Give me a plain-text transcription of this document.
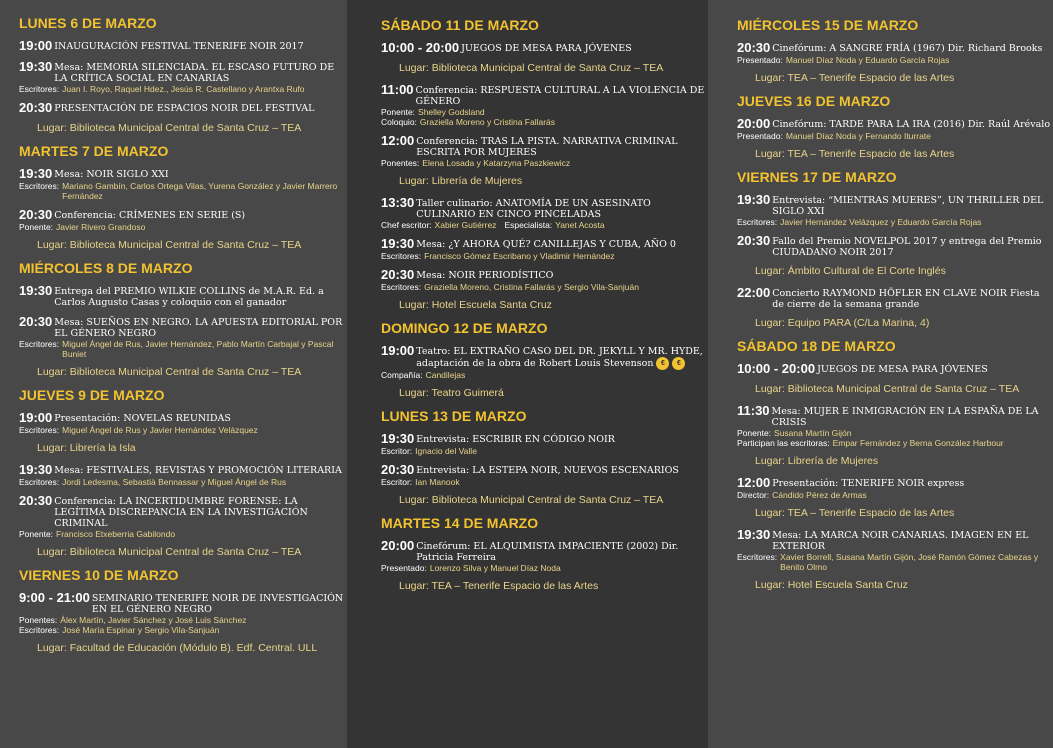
LUNES 6 DE MARZO
19:00 INAUGURACIÓN FESTIVAL TENERIFE NOIR 2017
19:30 Mesa: MEMORIA SILENCIADA. EL ESCASO FUTURO DE LA CRÍTICA SOCIAL EN CANARIAS
Escritores: Juan I. Royo, Raquel Hdez., Jesús R. Castellano y Arantxa Rufo
20:30 PRESENTACIÓN DE ESPACIOS NOIR DEL FESTIVAL
Lugar: Biblioteca Municipal Central de Santa Cruz – TEA
MARTES 7 DE MARZO
19:30 Mesa: NOIR SIGLO XXI
Escritores: Mariano Gambín, Carlos Ortega Vilas, Yurena González y Javier Marrero Fernández
20:30 Conferencia: CRÍMENES EN SERIE (S)
Ponente: Javier Rivero Grandoso
Lugar: Biblioteca Municipal Central de Santa Cruz – TEA
MIÉRCOLES 8 DE MARZO
19:30 Entrega del PREMIO WILKIE COLLINS de M.A.R. Ed. a Carlos Augusto Casas y coloquio con el ganador
20:30 Mesa: SUEÑOS EN NEGRO. LA APUESTA EDITORIAL POR EL GÉNERO NEGRO
Escritores: Miguel Ángel de Rus, Javier Hernández, Pablo Martín Carbajal y Pascal Buniet
Lugar: Biblioteca Municipal Central de Santa Cruz – TEA
JUEVES 9 DE MARZO
19:00 Presentación: NOVELAS REUNIDAS
Escritores: Miguel Ángel de Rus y Javier Hernández Velázquez
Lugar: Librería la Isla
19:30 Mesa: FESTIVALES, REVISTAS Y PROMOCIÓN LITERARIA
Escritores: Jordi Ledesma, Sebastià Bennassar y Miguel Ángel de Rus
20:30 Conferencia: LA INCERTIDUMBRE FORENSE: LA LEGÍTIMA DISCREPANCIA EN LA INVESTIGACIÓN CRIMINAL
Ponente: Francisco Etxeberria Gabilondo
Lugar: Biblioteca Municipal Central de Santa Cruz – TEA
VIERNES 10 DE MARZO
9:00 - 21:00 SEMINARIO TENERIFE NOIR DE INVESTIGACIÓN EN EL GÉNERO NEGRO
Ponentes: Álex Martín, Javier Sánchez y José Luis Sánchez
Escritores: José María Espinar y Sergio Vila-Sanjuán
Lugar: Facultad de Educación (Módulo B). Edf. Central. ULL
SÁBADO 11 DE MARZO
10:00 - 20:00 JUEGOS DE MESA PARA JÓVENES
Lugar: Biblioteca Municipal Central de Santa Cruz – TEA
11:00 Conferencia: RESPUESTA CULTURAL A LA VIOLENCIA DE GÉNERO
Ponente: Shelley Godsland
Coloquio: Graziella Moreno y Cristina Fallarás
12:00 Conferencia: TRAS LA PISTA. NARRATIVA CRIMINAL ESCRITA POR MUJERES
Ponentes: Elena Losada y Katarzyna Paszkiewicz
Lugar: Librería de Mujeres
13:30 Taller culinario: ANATOMÍA DE UN ASESINATO CULINARIO EN CINCO PINCELADAS
Chef escritor: Xabier Gutiérrez Especialista: Yanet Acosta
19:30 Mesa: ¿Y AHORA QUÉ? CANILLEJAS Y CUBA, AÑO 0
Escritores: Francisco Gómez Escribano y Vladimir Hernández
20:30 Mesa: NOIR PERIODÍSTICO
Escritores: Graziella Moreno, Cristina Fallarás y Sergio Vila-Sanjuán
Lugar: Hotel Escuela Santa Cruz
DOMINGO 12 DE MARZO
19:00 Teatro: EL EXTRAÑO CASO DEL DR. JEKYLL Y MR. HYDE, adaptación de la obra de Robert Louis Stevenson € €
Compañía: Candilejas
Lugar: Teatro Guimerá
LUNES 13 DE MARZO
19:30 Entrevista: ESCRIBIR EN CÓDIGO NOIR
Escritor: Ignacio del Valle
20:30 Entrevista: LA ESTEPA NOIR, NUEVOS ESCENARIOS
Escritor: Ian Manook
Lugar: Biblioteca Municipal Central de Santa Cruz – TEA
MARTES 14 DE MARZO
20:00 Cinefórum: EL ALQUIMISTA IMPACIENTE (2002) Dir. Patricia Ferreira
Presentado: Lorenzo Silva y Manuel Díaz Noda
Lugar: TEA – Tenerife Espacio de las Artes
MIÉRCOLES 15 DE MARZO
20:30 Cinefórum: A SANGRE FRÍA (1967) Dir. Richard Brooks
Presentado: Manuel Díaz Noda y Eduardo García Rojas
Lugar: TEA – Tenerife Espacio de las Artes
JUEVES 16 DE MARZO
20:00 Cinefórum: TARDE PARA LA IRA (2016) Dir. Raúl Arévalo
Presentado: Manuel Díaz Noda y Fernando Iturrate
Lugar: TEA – Tenerife Espacio de las Artes
VIERNES 17 DE MARZO
19:30 Entrevista: “MIENTRAS MUERES”, UN THRILLER DEL SIGLO XXI
Escritores: Javier Hernández Velázquez y Eduardo García Rojas
20:30 Fallo del Premio NOVELPOL 2017 y entrega del Premio CIUDADANO NOIR 2017
Lugar: Ámbito Cultural de El Corte Inglés
22:00 Concierto RAYMOND HÖFLER EN CLAVE NOIR Fiesta de cierre de la semana grande
Lugar: Equipo PARA (C/La Marina, 4)
SÁBADO 18 DE MARZO
10:00 - 20:00 JUEGOS DE MESA PARA JÓVENES
Lugar: Biblioteca Municipal Central de Santa Cruz – TEA
11:30 Mesa: MUJER E INMIGRACIÓN EN LA ESPAÑA DE LA CRISIS
Ponente: Susana Martín Gijón
Participan las escritoras: Empar Fernández y Berna González Harbour
Lugar: Librería de Mujeres
12:00 Presentación: TENERIFE NOIR express
Director: Cándido Pérez de Armas
Lugar: TEA – Tenerife Espacio de las Artes
19:30 Mesa: LA MARCA NOIR CANARIAS. IMAGEN EN EL EXTERIOR
Escritores: Xavier Borrell, Susana Martín Gijón, José Ramón Gómez Cabezas y Benito Olmo
Lugar: Hotel Escuela Santa Cruz
